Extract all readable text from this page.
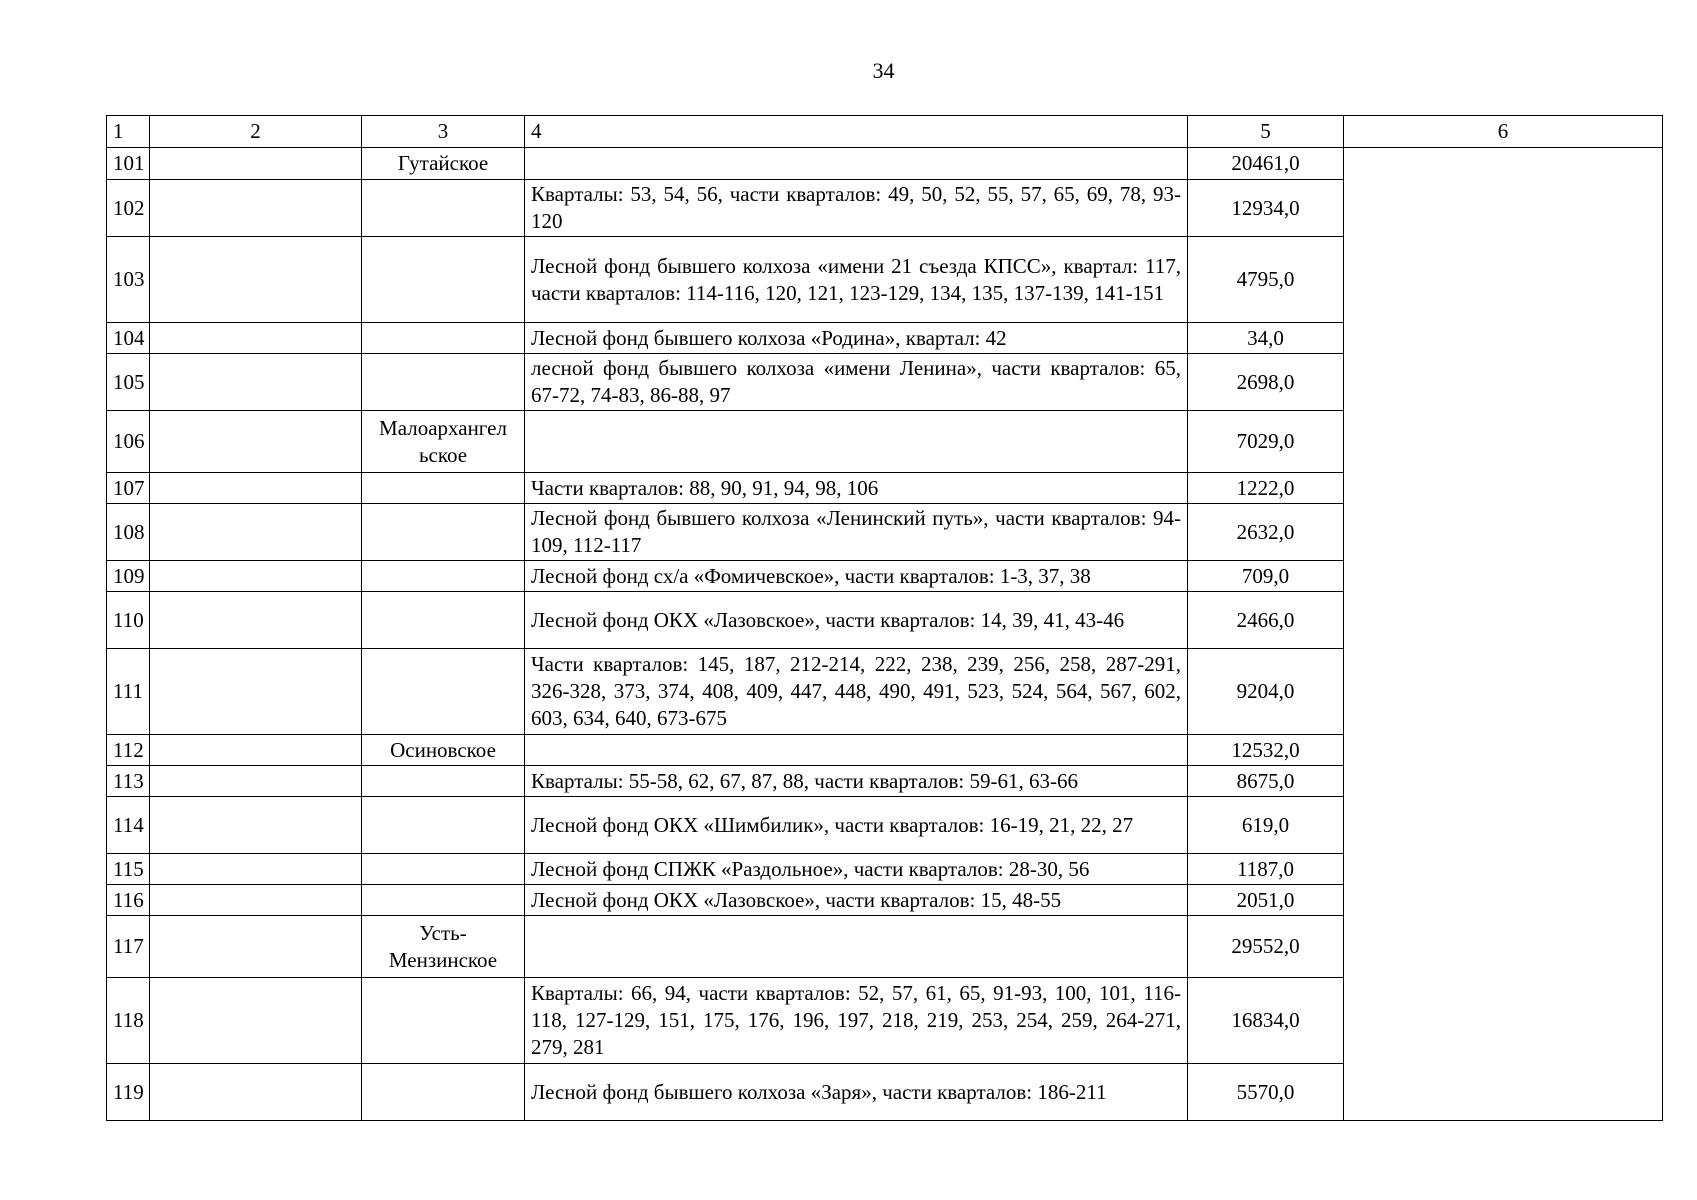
34
1	2	3	4	5	6
101		Гутайское		20461,0	
102			Кварталы: 53, 54, 56, части кварталов: 49, 50, 52, 55, 57, 65, 69, 78, 93-120	12934,0	
103			Лесной фонд бывшего колхоза «имени 21 съезда КПСС», квартал: 117, части кварталов: 114-116, 120, 121, 123-129, 134, 135, 137-139, 141-151	4795,0	
104			Лесной фонд бывшего колхоза «Родина», квартал: 42	34,0	
105			лесной фонд бывшего колхоза «имени Ленина», части кварталов: 65, 67-72, 74-83, 86-88, 97	2698,0	
106		Малоархангел ьское		7029,0	
107			Части кварталов: 88, 90, 91, 94, 98, 106	1222,0	
108			Лесной фонд бывшего колхоза «Ленинский путь», части кварталов: 94-109, 112-117	2632,0	
109			Лесной фонд сх/а «Фомичевское», части кварталов: 1-3, 37, 38	709,0	
110			Лесной фонд ОКХ «Лазовское», части кварталов: 14, 39, 41, 43-46	2466,0	
111			Части кварталов: 145, 187, 212-214, 222, 238, 239, 256, 258, 287-291, 326-328, 373, 374, 408, 409, 447, 448, 490, 491, 523, 524, 564, 567, 602, 603, 634, 640, 673-675	9204,0	
112		Осиновское		12532,0	
113			Кварталы: 55-58, 62, 67, 87, 88, части кварталов: 59-61, 63-66	8675,0	
114			Лесной фонд ОКХ «Шимбилик», части кварталов: 16-19, 21, 22, 27	619,0	
115			Лесной фонд СПЖК «Раздольное», части кварталов: 28-30, 56	1187,0	
116			Лесной фонд ОКХ «Лазовское», части кварталов: 15, 48-55	2051,0	
117		Усть-Мензинское		29552,0	
118			Кварталы: 66, 94, части кварталов: 52, 57, 61, 65, 91-93, 100, 101, 116-118, 127-129, 151, 175, 176, 196, 197, 218, 219, 253, 254, 259, 264-271, 279, 281	16834,0	
119			Лесной фонд бывшего колхоза «Заря», части кварталов: 186-211	5570,0	
